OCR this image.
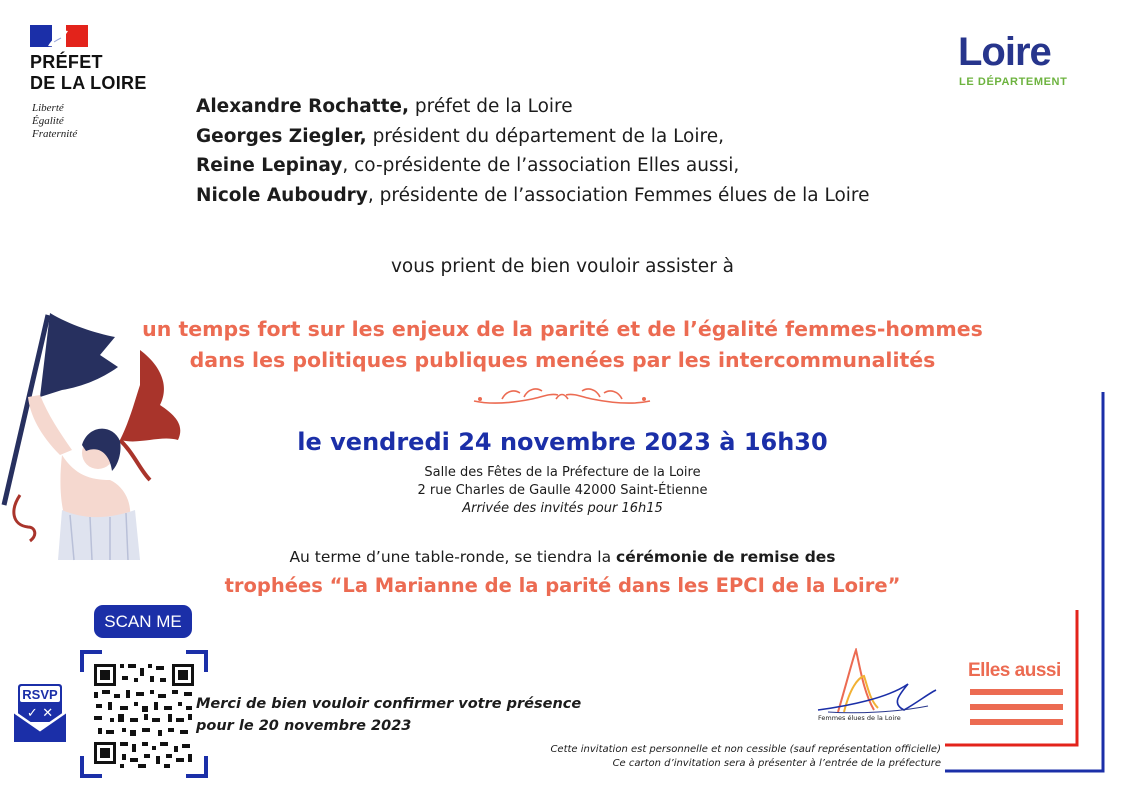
PRÉFET
DE LA LOIRE
Liberté
Égalité
Fraternité
Loire
LE DÉPARTEMENT
Alexandre Rochatte, préfet de la Loire
Georges Ziegler, président du département de la Loire,
Reine Lepinay, co-présidente de l’association Elles aussi,
Nicole Auboudry, présidente de l’association Femmes élues de la Loire
vous prient de bien vouloir assister à
un temps fort sur les enjeux de la parité et de l’égalité femmes-hommes
dans les politiques publiques menées par les intercommunalités
le vendredi 24 novembre 2023 à 16h30
Salle des Fêtes de la Préfecture de la Loire
2 rue Charles de Gaulle 42000 Saint-Étienne
Arrivée des invités pour 16h15
Au terme d’une table-ronde, se tiendra la cérémonie de remise des
trophées “La Marianne de la parité dans les EPCI de la Loire”
SCAN ME
RSVP
✓ ✕
Merci de bien vouloir confirmer votre présence
pour le 20 novembre 2023	Femmes élues de la Loire
Elles aussi
Cette invitation est personnelle et non cessible (sauf représentation officielle)
Ce carton d’invitation sera à présenter à l’entrée de la préfecture
